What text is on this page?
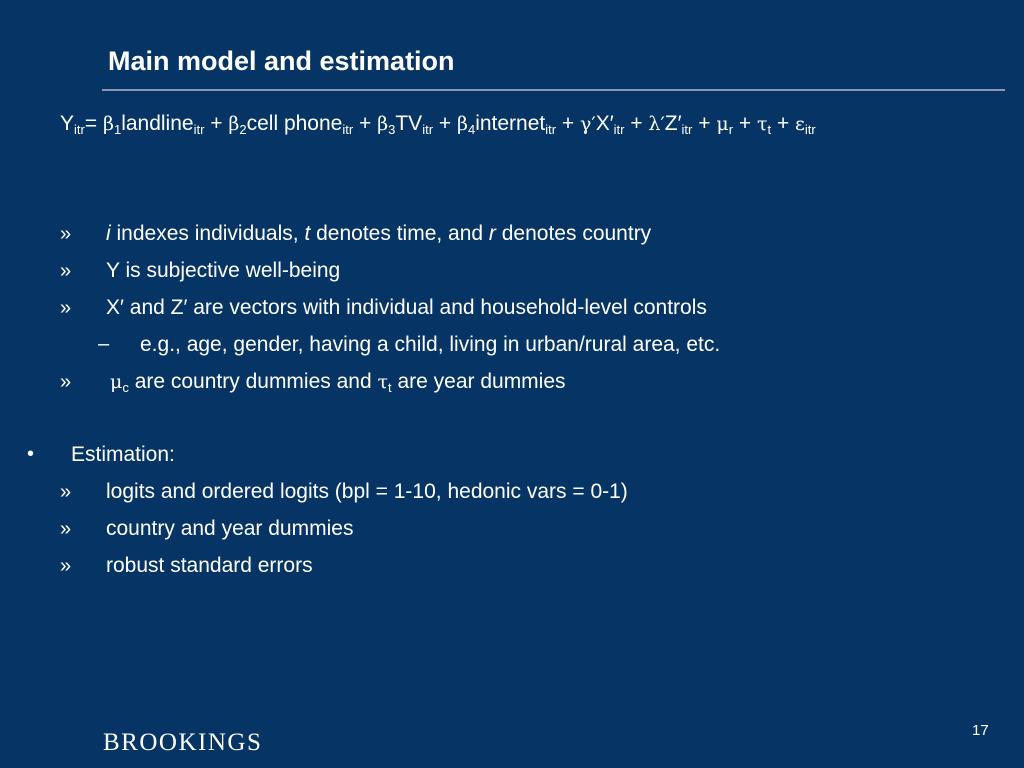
Main model and estimation
$Y_{itr}=$ $\beta_1landline_{itr}$ + $\beta_2cell$ phone$_{itr}$ + $\beta_3TV_{itr}$ + $\beta_4internet_{itr} + \gamma'X'_{itr} + \lambda'Z'_{itr} + \mu_r + \tau_t + \varepsilon_{itr}$
» i indexes individuals, t denotes time, and r denotes country
» Y is subjective well-being
» X′ and Z′ are vectors with individual and household-level controls
– e.g., age, gender, having a child, living in urban/rural area, etc.
» $\mu_c$ are country dummies and $\tau_t$ are year dummies
• Estimation:
» logits and ordered logits (bpl = 1-10, hedonic vars = 0-1)
» country and year dummies
» robust standard errors
BROOKINGS	17
